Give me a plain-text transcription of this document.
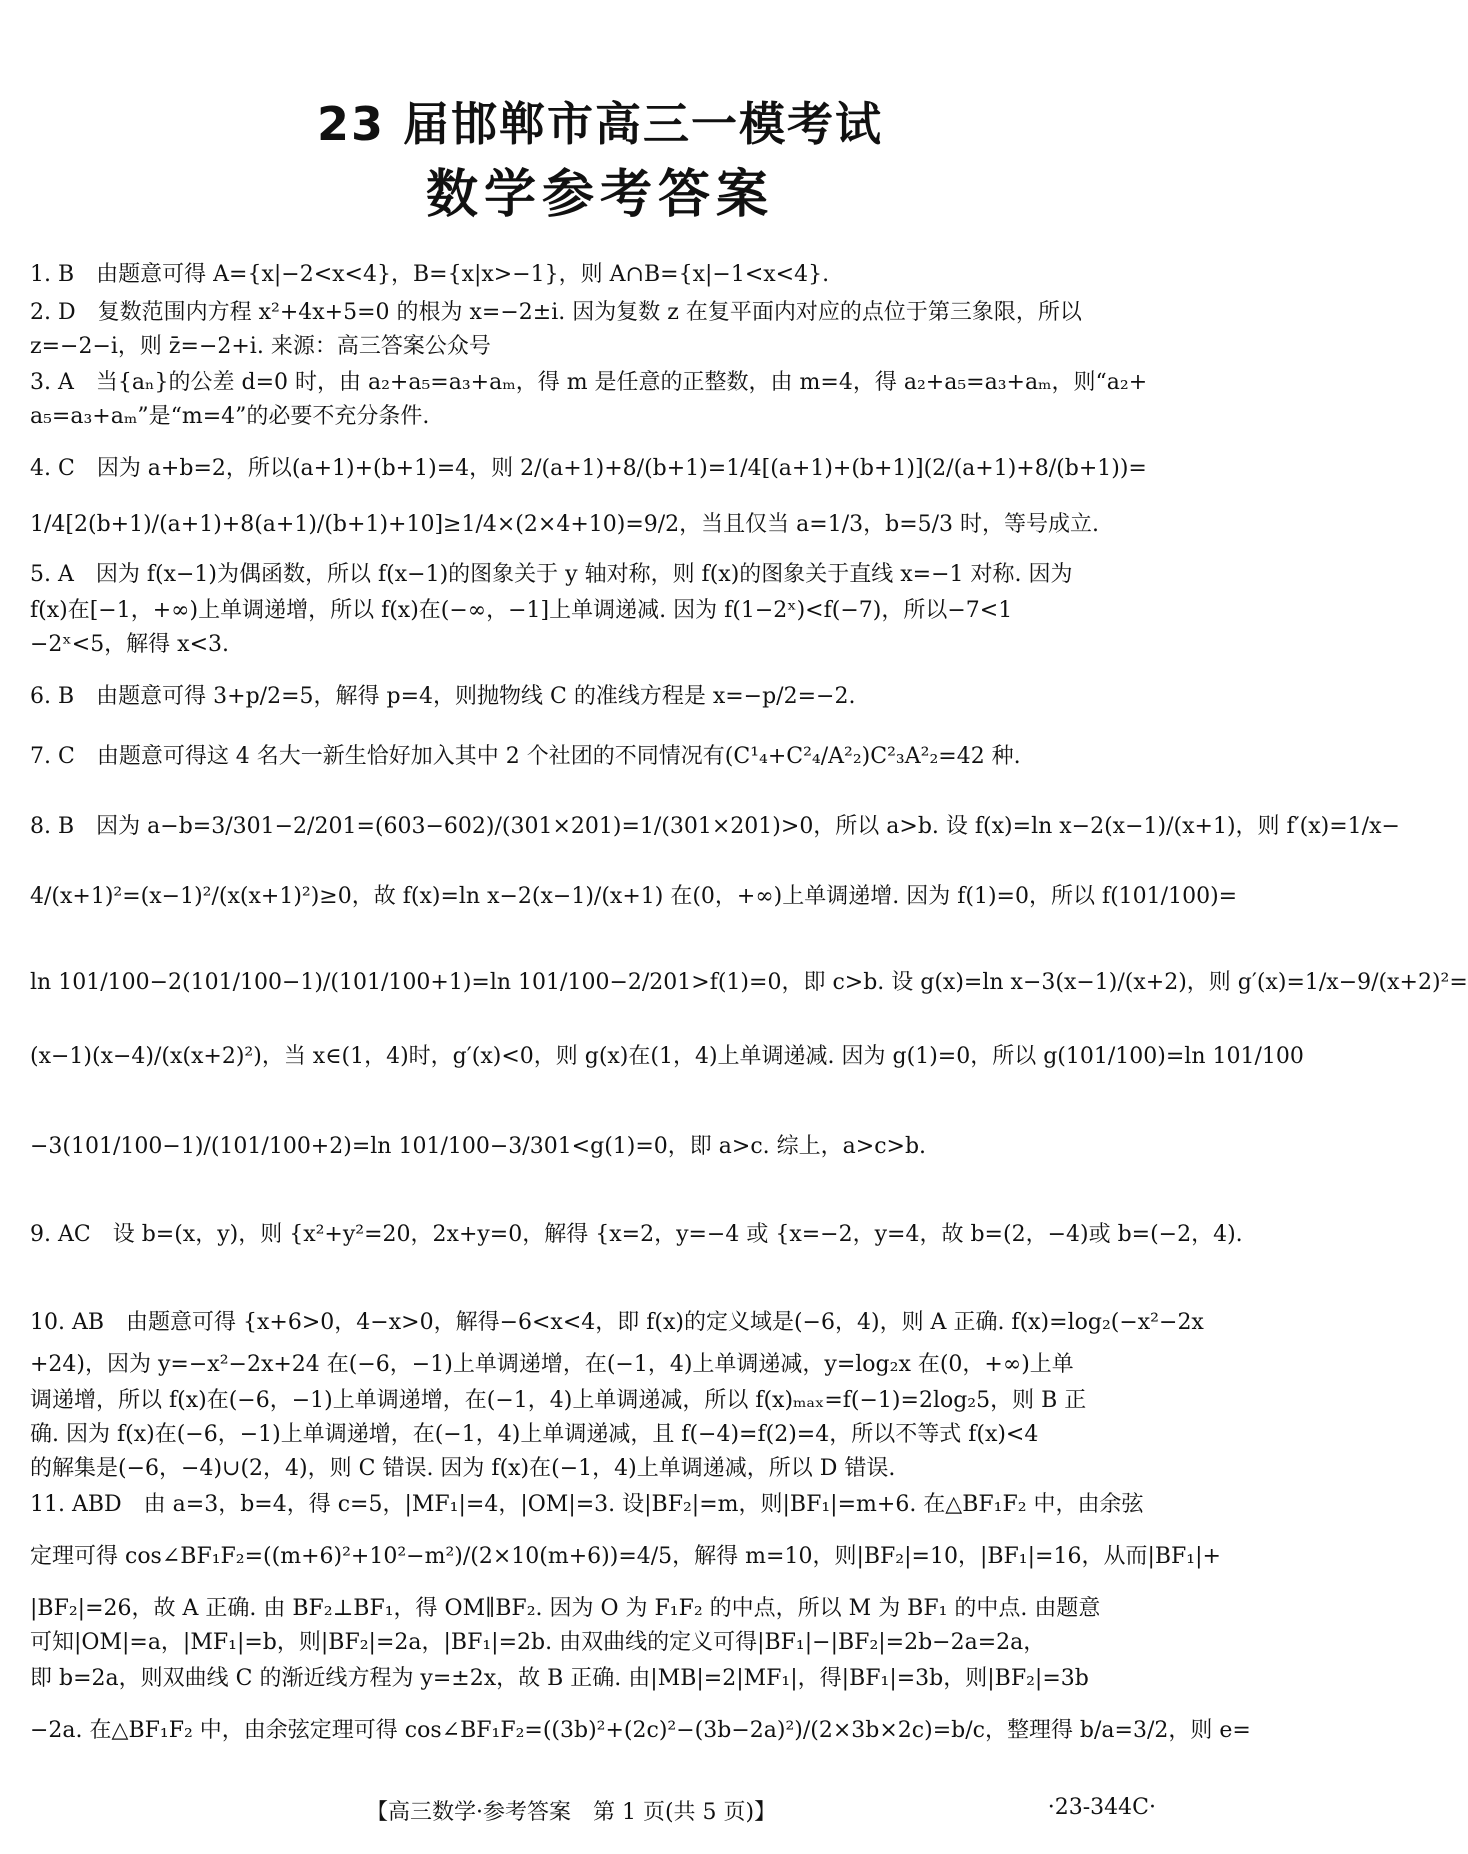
23 届邯郸市高三一模考试
数学参考答案
1. B　由题意可得 A={x|−2<x<4}，B={x|x>−1}，则 A∩B={x|−1<x<4}.
2. D　复数范围内方程 x²+4x+5=0 的根为 x=−2±i. 因为复数 z 在复平面内对应的点位于第三象限，所以
z=−2−i，则 z̄=−2+i. 来源：高三答案公众号
3. A　当{aₙ}的公差 d=0 时，由 a₂+a₅=a₃+aₘ，得 m 是任意的正整数，由 m=4，得 a₂+a₅=a₃+aₘ，则“a₂+
a₅=a₃+aₘ”是“m=4”的必要不充分条件.
4. C　因为 a+b=2，所以(a+1)+(b+1)=4，则 2/(a+1)+8/(b+1)=1/4[(a+1)+(b+1)](2/(a+1)+8/(b+1))=
1/4[2(b+1)/(a+1)+8(a+1)/(b+1)+10]≥1/4×(2×4+10)=9/2，当且仅当 a=1/3，b=5/3 时，等号成立.
5. A　因为 f(x−1)为偶函数，所以 f(x−1)的图象关于 y 轴对称，则 f(x)的图象关于直线 x=−1 对称. 因为
f(x)在[−1，+∞)上单调递增，所以 f(x)在(−∞，−1]上单调递减. 因为 f(1−2ˣ)<f(−7)，所以−7<1
−2ˣ<5，解得 x<3.
6. B　由题意可得 3+p/2=5，解得 p=4，则抛物线 C 的准线方程是 x=−p/2=−2.
7. C　由题意可得这 4 名大一新生恰好加入其中 2 个社团的不同情况有(C¹₄+C²₄/A²₂)C²₃A²₂=42 种.
8. B　因为 a−b=3/301−2/201=(603−602)/(301×201)=1/(301×201)>0，所以 a>b. 设 f(x)=ln x−2(x−1)/(x+1)，则 f′(x)=1/x−
4/(x+1)²=(x−1)²/(x(x+1)²)≥0，故 f(x)=ln x−2(x−1)/(x+1) 在(0，+∞)上单调递增. 因为 f(1)=0，所以 f(101/100)=
ln 101/100−2(101/100−1)/(101/100+1)=ln 101/100−2/201>f(1)=0，即 c>b. 设 g(x)=ln x−3(x−1)/(x+2)，则 g′(x)=1/x−9/(x+2)²=
(x−1)(x−4)/(x(x+2)²)，当 x∈(1，4)时，g′(x)<0，则 g(x)在(1，4)上单调递减. 因为 g(1)=0，所以 g(101/100)=ln 101/100
−3(101/100−1)/(101/100+2)=ln 101/100−3/301<g(1)=0，即 a>c. 综上，a>c>b.
9. AC　设 b=(x，y)，则 {x²+y²=20，2x+y=0，解得 {x=2，y=−4 或 {x=−2，y=4，故 b=(2，−4)或 b=(−2，4).
10. AB　由题意可得 {x+6>0，4−x>0，解得−6<x<4，即 f(x)的定义域是(−6，4)，则 A 正确. f(x)=log₂(−x²−2x
+24)，因为 y=−x²−2x+24 在(−6，−1)上单调递增，在(−1，4)上单调递减，y=log₂x 在(0，+∞)上单
调递增，所以 f(x)在(−6，−1)上单调递增，在(−1，4)上单调递减，所以 f(x)ₘₐₓ=f(−1)=2log₂5，则 B 正
确. 因为 f(x)在(−6，−1)上单调递增，在(−1，4)上单调递减，且 f(−4)=f(2)=4，所以不等式 f(x)<4
的解集是(−6，−4)∪(2，4)，则 C 错误. 因为 f(x)在(−1，4)上单调递减，所以 D 错误.
11. ABD　由 a=3，b=4，得 c=5，|MF₁|=4，|OM|=3. 设|BF₂|=m，则|BF₁|=m+6. 在△BF₁F₂ 中，由余弦
定理可得 cos∠BF₁F₂=((m+6)²+10²−m²)/(2×10(m+6))=4/5，解得 m=10，则|BF₂|=10，|BF₁|=16，从而|BF₁|+
|BF₂|=26，故 A 正确. 由 BF₂⊥BF₁，得 OM∥BF₂. 因为 O 为 F₁F₂ 的中点，所以 M 为 BF₁ 的中点. 由题意
可知|OM|=a，|MF₁|=b，则|BF₂|=2a，|BF₁|=2b. 由双曲线的定义可得|BF₁|−|BF₂|=2b−2a=2a，
即 b=2a，则双曲线 C 的渐近线方程为 y=±2x，故 B 正确. 由|MB|=2|MF₁|，得|BF₁|=3b，则|BF₂|=3b
−2a. 在△BF₁F₂ 中，由余弦定理可得 cos∠BF₁F₂=((3b)²+(2c)²−(3b−2a)²)/(2×3b×2c)=b/c，整理得 b/a=3/2，则 e=
【高三数学·参考答案　第 1 页(共 5 页)】	·23-344C·
